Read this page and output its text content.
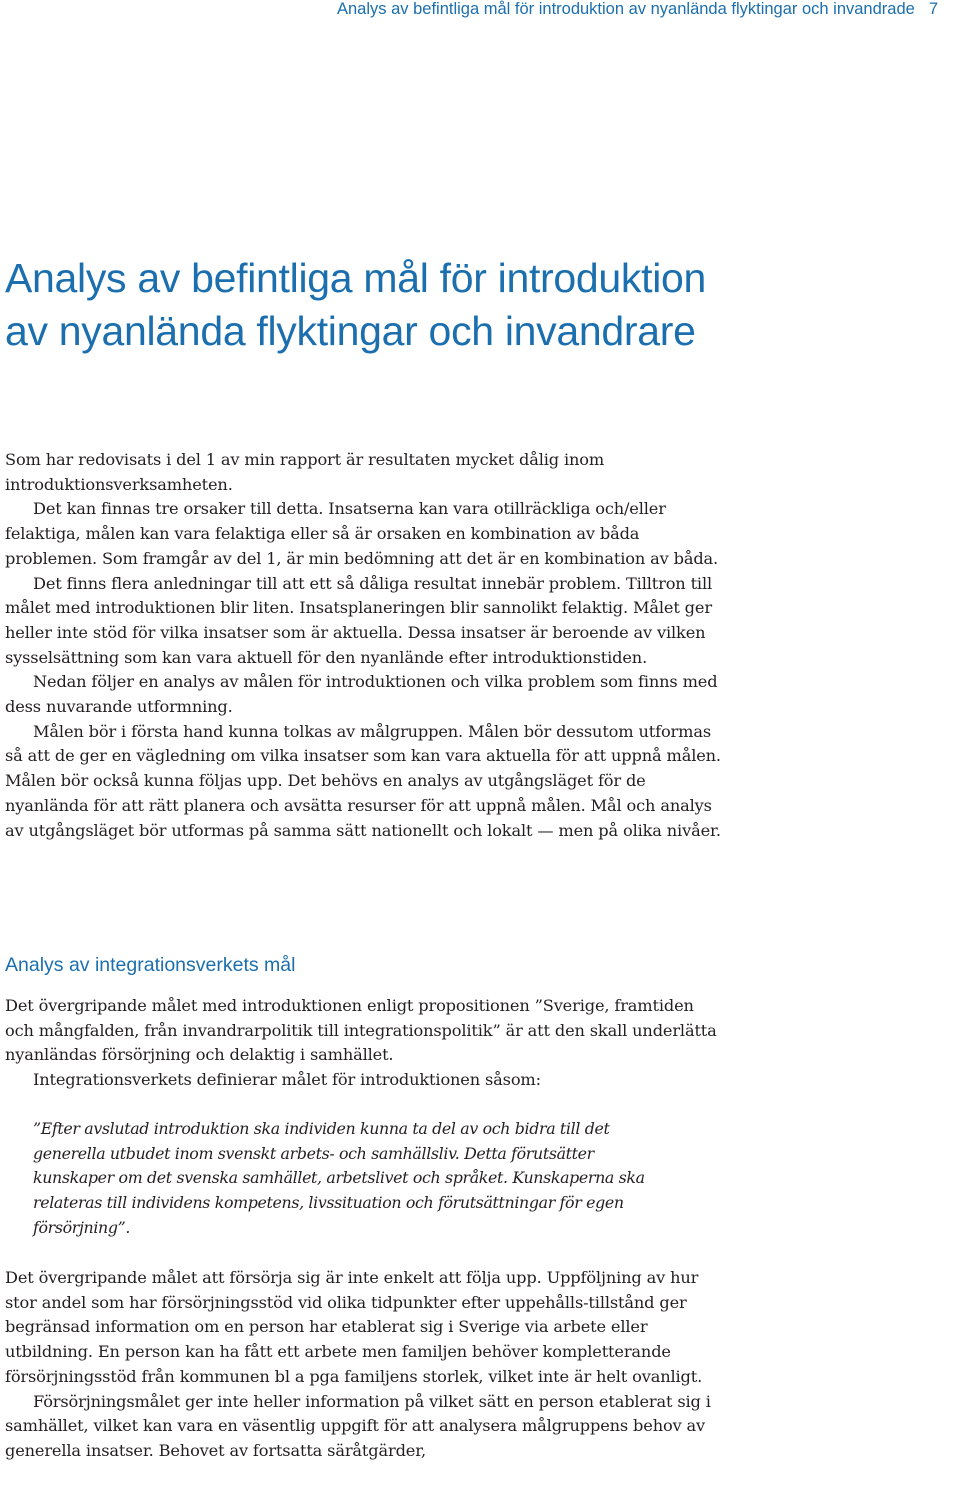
Analys av befintliga mål för introduktion av nyanlända flyktingar och invandrade 7
Analys av befintliga mål för introduktion
av nyanlända flyktingar och invandrare

Som har redovisats i del 1 av min rapport är resultaten mycket dålig inom introduktionsverksamheten.

Det kan finnas tre orsaker till detta. Insatserna kan vara otillräckliga och/eller felaktiga, målen kan vara felaktiga eller så är orsaken en kombination av båda problemen. Som framgår av del 1, är min bedömning att det är en kombination av båda.

Det finns flera anledningar till att ett så dåliga resultat innebär problem. Tilltron till målet med introduktionen blir liten. Insatsplaneringen blir sannolikt felaktig. Målet ger heller inte stöd för vilka insatser som är aktuella. Dessa insatser är beroende av vilken sysselsättning som kan vara aktuell för den nyanlände efter introduktionstiden.

Nedan följer en analys av målen för introduktionen och vilka problem som finns med dess nuvarande utformning.

Målen bör i första hand kunna tolkas av målgruppen. Målen bör dessutom utformas så att de ger en vägledning om vilka insatser som kan vara aktuella för att uppnå målen. Målen bör också kunna följas upp. Det behövs en analys av utgångsläget för de nyanlända för att rätt planera och avsätta resurser för att uppnå målen. Mål och analys av utgångsläget bör utformas på samma sätt nationellt och lokalt — men på olika nivåer.

Analys av integrationsverkets mål

Det övergripande målet med introduktionen enligt propositionen ”Sverige, framtiden och mångfalden, från invandrarpolitik till integrationspolitik” är att den skall underlätta nyanländas försörjning och delaktig i samhället.

Integrationsverkets definierar målet för introduktionen såsom:

”Efter avslutad introduktion ska individen kunna ta del av och bidra till det generella utbudet inom svenskt arbets- och samhällsliv. Detta förutsätter kunskaper om det svenska samhället, arbetslivet och språket. Kunskaperna ska relateras till individens kompetens, livssituation och förutsättningar för egen försörjning”.

Det övergripande målet att försörja sig är inte enkelt att följa upp. Uppföljning av hur stor andel som har försörjningsstöd vid olika tidpunkter efter uppehålls-tillstånd ger begränsad information om en person har etablerat sig i Sverige via arbete eller utbildning. En person kan ha fått ett arbete men familjen behöver kompletterande försörjningsstöd från kommunen bl a pga familjens storlek, vilket inte är helt ovanligt.

Försörjningsmålet ger inte heller information på vilket sätt en person etablerat sig i samhället, vilket kan vara en väsentlig uppgift för att analysera målgruppens behov av generella insatser. Behovet av fortsatta säråtgärder,
